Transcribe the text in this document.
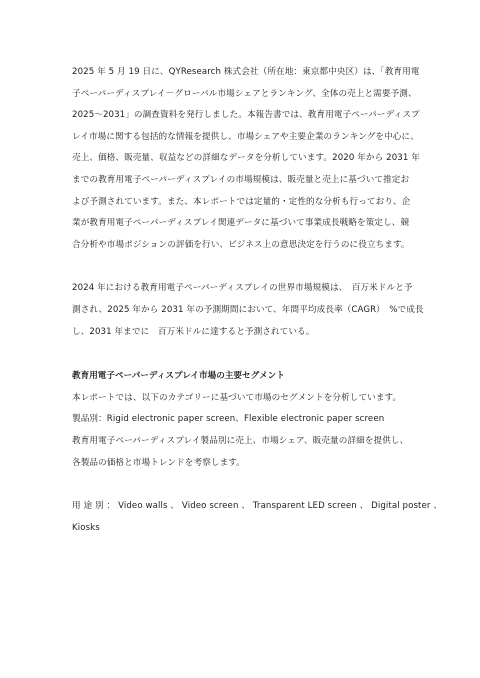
2025 年 5 月 19 日に、QYResearch 株式会社（所在地：東京都中央区）は、「教育用電
子ペーパーディスプレイ－グローバル市場シェアとランキング、全体の売上と需要予測、
2025～2031」の調査資料を発行しました。本報告書では、教育用電子ペーパーディスプ
レイ市場に関する包括的な情報を提供し、市場シェアや主要企業のランキングを中心に、
売上、価格、販売量、収益などの詳細なデータを分析しています。2020 年から 2031 年
までの教育用電子ペーパーディスプレイの市場規模は、販売量と売上に基づいて推定お
よび予測されています。また、本レポートでは定量的・定性的な分析も行っており、企
業が教育用電子ペーパーディスプレイ関連データに基づいて事業成長戦略を策定し、競
合分析や市場ポジションの評価を行い、ビジネス上の意思決定を行うのに役立ちます。

2024 年における教育用電子ペーパーディスプレイの世界市場規模は、　百万米ドルと予
測され、2025 年から 2031 年の予測期間において、年間平均成長率（CAGR）　%で成長
し、2031 年までに　百万米ドルに達すると予測されている。

教育用電子ペーパーディスプレイ市場の主要セグメント

本レポートでは、以下のカテゴリーに基づいて市場のセグメントを分析しています。

製品別：Rigid electronic paper screen、Flexible electronic paper screen

教育用電子ペーパーディスプレイ製品別に売上、市場シェア、販売量の詳細を提供し、
各製品の価格と市場トレンドを考察します。

用 途 別 ： Video walls 、 Video screen 、 Transparent LED screen 、 Digital poster 、
Kiosks
